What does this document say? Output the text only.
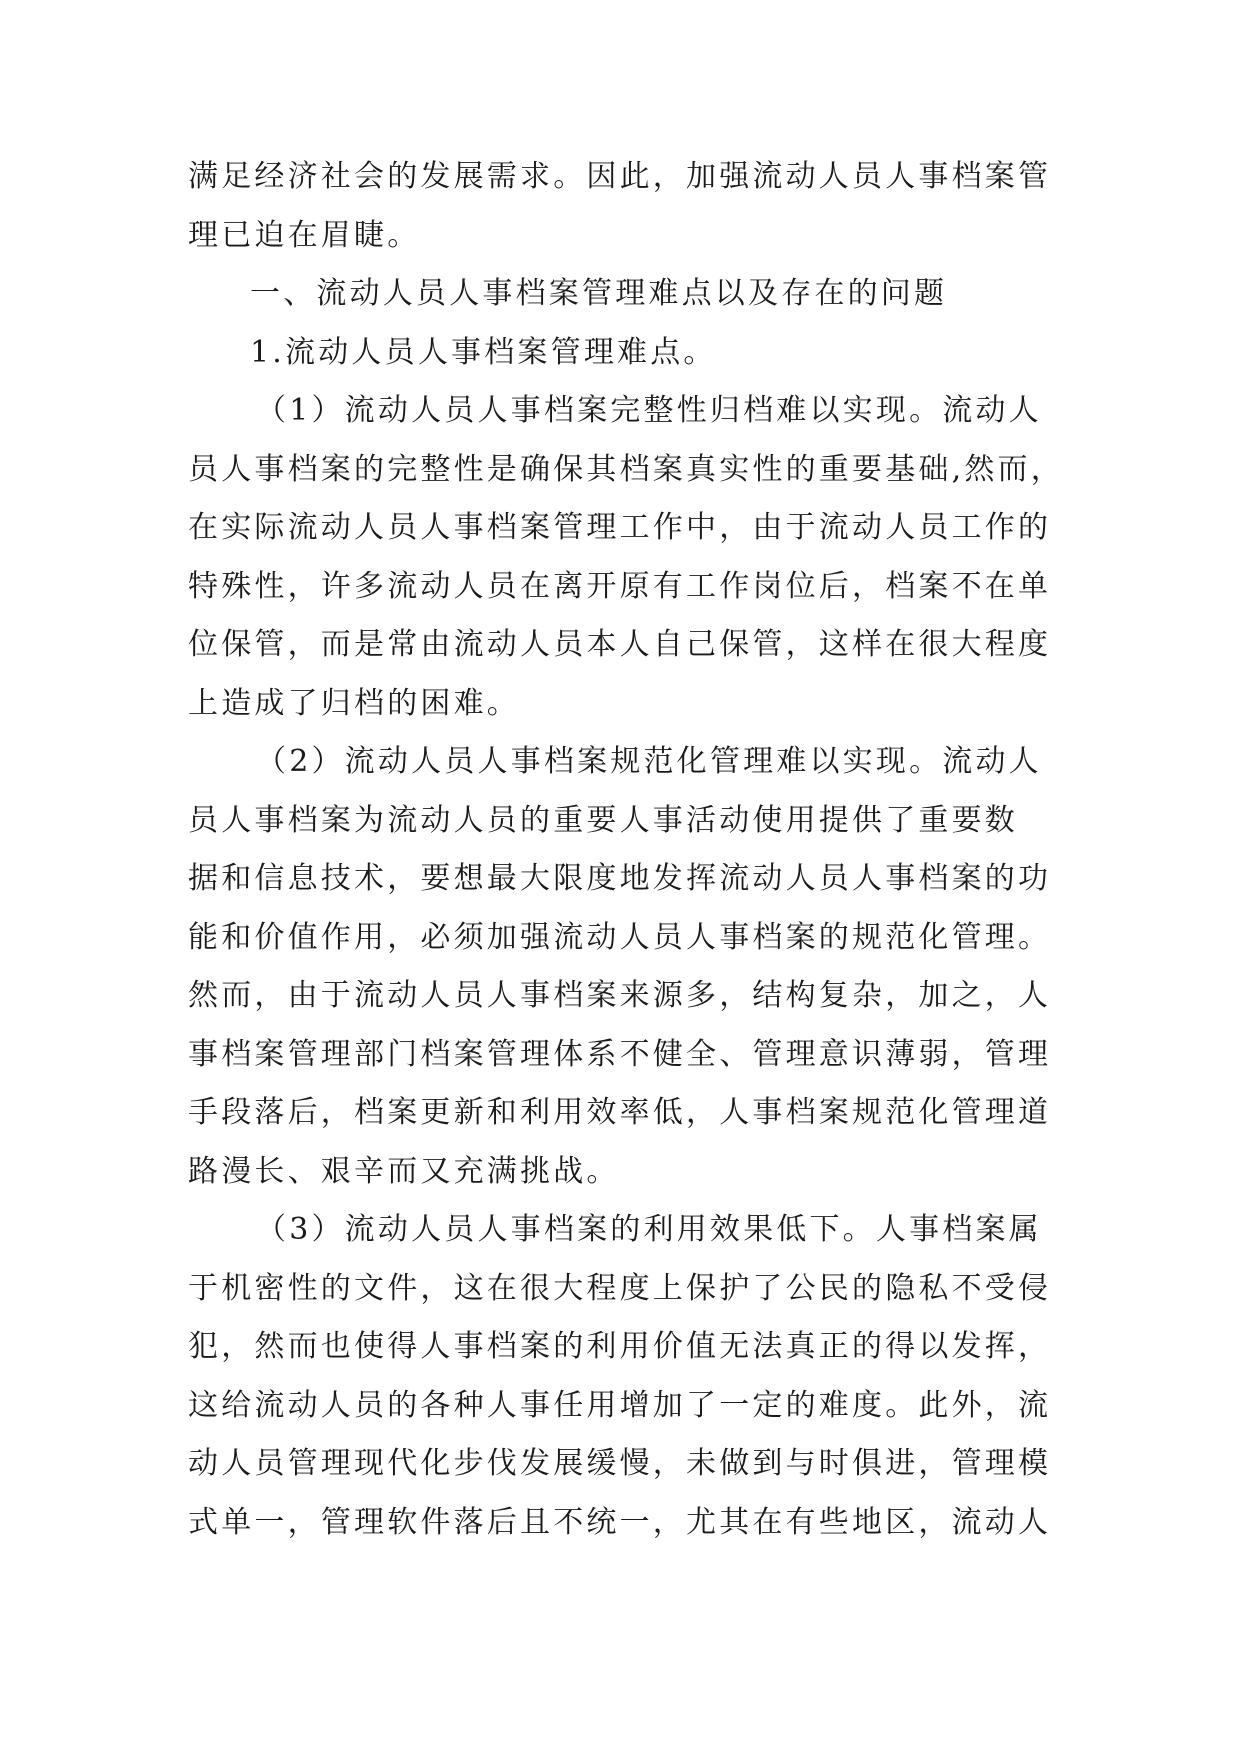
满足经济社会的发展需求。因此，加强流动人员人事档案管
理已迫在眉睫。
一、流动人员人事档案管理难点以及存在的问题
1.流动人员人事档案管理难点。
（1）流动人员人事档案完整性归档难以实现。流动人
员人事档案的完整性是确保其档案真实性的重要基础,然而，
在实际流动人员人事档案管理工作中，由于流动人员工作的
特殊性，许多流动人员在离开原有工作岗位后，档案不在单
位保管，而是常由流动人员本人自己保管，这样在很大程度
上造成了归档的困难。
（2）流动人员人事档案规范化管理难以实现。流动人
员人事档案为流动人员的重要人事活动使用提供了重要数
据和信息技术，要想最大限度地发挥流动人员人事档案的功
能和价值作用，必须加强流动人员人事档案的规范化管理。
然而，由于流动人员人事档案来源多，结构复杂，加之，人
事档案管理部门档案管理体系不健全、管理意识薄弱，管理
手段落后，档案更新和利用效率低，人事档案规范化管理道
路漫长、艰辛而又充满挑战。
（3）流动人员人事档案的利用效果低下。人事档案属
于机密性的文件，这在很大程度上保护了公民的隐私不受侵
犯，然而也使得人事档案的利用价值无法真正的得以发挥，
这给流动人员的各种人事任用增加了一定的难度。此外，流
动人员管理现代化步伐发展缓慢，未做到与时俱进，管理模
式单一，管理软件落后且不统一，尤其在有些地区，流动人
